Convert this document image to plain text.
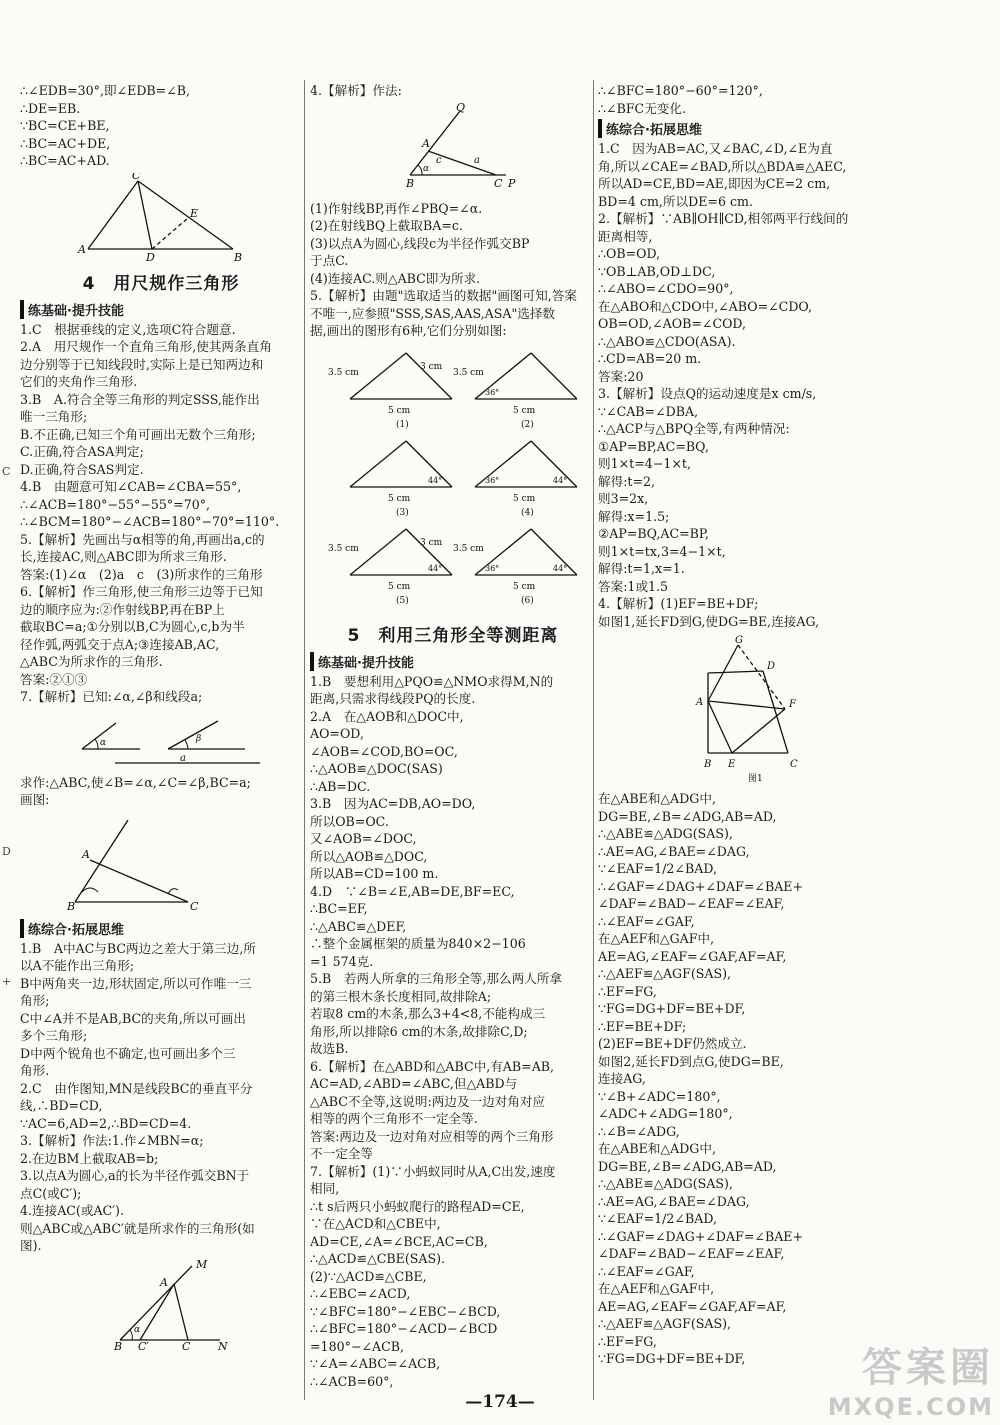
C
D
+
∴∠EDB=30°,即∠EDB=∠B,
∴DE=EB.
∵BC=CE+BE,
∴BC=AC+DE,
∴BC=AC+AD.
C
E
A
D	B
4　用尺规作三角形
练基础·提升技能
1.C　根据垂线的定义,选项C符合题意.
2.A　用尺规作一个直角三角形,使其两条直角
边分别等于已知线段时,实际上是已知两边和
它们的夹角作三角形.
3.B　A.符合全等三角形的判定SSS,能作出
唯一三角形;
B.不正确,已知三个角可画出无数个三角形;
C.正确,符合ASA判定;
D.正确,符合SAS判定.
4.B　由题意可知∠CAB=∠CBA=55°,
∴∠ACB=180°−55°−55°=70°,
∴∠BCM=180°−∠ACB=180°−70°=110°.
5.【解析】先画出与α相等的角,再画出a,c的
长,连接AC,则△ABC即为所求三角形.
答案:(1)∠α　(2)a　c　(3)所求作的三角形
6.【解析】作三角形,使三角形三边等于已知
边的顺序应为:②作射线BP,再在BP上
截取BC=a;①分别以B,C为圆心,c,b为半
径作弧,两弧交于点A;③连接AB,AC,
△ABC为所求作的三角形.
答案:②①③
7.【解析】已知:∠α,∠β和线段a;
α	β
a
求作:△ABC,使∠B=∠α,∠C=∠β,BC=a;
画图:
A
B	C
练综合·拓展思维
1.B　A中AC与BC两边之差大于第三边,所
以A不能作出三角形;
B中两角夹一边,形状固定,所以可作唯一三
角形;
C中∠A并不是AB,BC的夹角,所以可画出
多个三角形;
D中两个锐角也不确定,也可画出多个三
角形.
2.C　由作图知,MN是线段BC的垂直平分
线,∴BD=CD,
∵AC=6,AD=2,∴BD=CD=4.
3.【解析】作法:1.作∠MBN=α;
2.在边BM上截取AB=b;
3.以点A为圆心,a的长为半径作弧交BN于
点C(或C′);
4.连接AC(或AC′).
则△ABC或△ABC′就是所求作的三角形(如
图).
M
A
α
B C′	C	N
4.【解析】作法:
Q
A
c	a
α
B	C P
(1)作射线BP,再作∠PBQ=∠α.
(2)在射线BQ上截取BA=c.
(3)以点A为圆心,线段c为半径作弧交BP
于点C.
(4)连接AC.则△ABC即为所求.
5.【解析】由题"选取适当的数据"画图可知,答案
不唯一,应参照"SSS,SAS,AAS,ASA"选择数
据,画出的图形有6种,它们分别如图:
5 cm
3.5 cm
3 cm
(1)
5 cm
3.5 cm
36°
(2)
5 cm
44°
(3)
5 cm
36°	44°
(4)
5 cm
3.5 cm
3 cm
44°
(5)
5 cm
3.5 cm
36°	44°
(6)
5　利用三角形全等测距离
练基础·提升技能
1.B　要想利用△PQO≌△NMO求得M,N的
距离,只需求得线段PQ的长度.
2.A　在△AOB和△DOC中,
AO=OD,
∠AOB=∠COD,BO=OC,
∴△AOB≌△DOC(SAS)
∴AB=DC.
3.B　因为AC=DB,AO=DO,
所以OB=OC.
又∠AOB=∠DOC,
所以△AOB≌△DOC,
所以AB=CD=100 m.
4.D　∵∠B=∠E,AB=DE,BF=EC,
∴BC=EF,
∴△ABC≌△DEF,
∴整个金属框架的质量为840×2−106
=1 574克.
5.B　若两人所拿的三角形全等,那么两人所拿
的第三根木条长度相同,故排除A;
若取8 cm的木条,那么3+4<8,不能构成三
角形,所以排除6 cm的木条,故排除C,D;
故选B.
6.【解析】在△ABD和△ABC中,有AB=AB,
AC=AD,∠ABD=∠ABC,但△ABD与
△ABC不全等,这说明:两边及一边对角对应
相等的两个三角形不一定全等.
答案:两边及一边对角对应相等的两个三角形
不一定全等
7.【解析】(1)∵小蚂蚁同时从A,C出发,速度
相同,
∴t s后两只小蚂蚁爬行的路程AD=CE,
∵在△ACD和△CBE中,
AD=CE,∠A=∠BCE,AC=CB,
∴△ACD≌△CBE(SAS).
(2)∵△ACD≌△CBE,
∴∠EBC=∠ACD,
∵∠BFC=180°−∠EBC−∠BCD,
∴∠BFC=180°−∠ACD−∠BCD
=180°−∠ACB,
∵∠A=∠ABC=∠ACB,
∴∠ACB=60°,
∴∠BFC=180°−60°=120°,
∴∠BFC无变化.
练综合·拓展思维
1.C　因为AB=AC,又∠BAC,∠D,∠E为直
角,所以∠CAE=∠BAD,所以△BDA≌△AEC,
所以AD=CE,BD=AE,即因为CE=2 cm,
BD=4 cm,所以DE=6 cm.
2.【解析】∵AB∥OH∥CD,相邻两平行线间的
距离相等,
∴OB=OD,
∵OB⊥AB,OD⊥DC,
∴∠ABO=∠CDO=90°,
在△ABO和△CDO中,∠ABO=∠CDO,
OB=OD,∠AOB=∠COD,
∴△ABO≌△CDO(ASA).
∴CD=AB=20 m.
答案:20
3.【解析】设点Q的运动速度是x cm/s,
∵∠CAB=∠DBA,
∴△ACP与△BPQ全等,有两种情况:
①AP=BP,AC=BQ,
则1×t=4−1×t,
解得:t=2,
则3=2x,
解得:x=1.5;
②AP=BQ,AC=BP,
则1×t=tx,3=4−1×t,
解得:t=1,x=1.
答案:1或1.5
4.【解析】(1)EF=BE+DF;
如图1,延长FD到G,使DG=BE,连接AG,
G
D
A	F
B E	C
图1
在△ABE和△ADG中,
DG=BE,∠B=∠ADG,AB=AD,
∴△ABE≌△ADG(SAS),
∴AE=AG,∠BAE=∠DAG,
∵∠EAF=1/2∠BAD,
∴∠GAF=∠DAG+∠DAF=∠BAE+
∠DAF=∠BAD−∠EAF=∠EAF,
∴∠EAF=∠GAF,
在△AEF和△GAF中,
AE=AG,∠EAF=∠GAF,AF=AF,
∴△AEF≌△AGF(SAS),
∴EF=FG,
∵FG=DG+DF=BE+DF,
∴EF=BE+DF;
(2)EF=BE+DF仍然成立.
如图2,延长FD到点G,使DG=BE,
连接AG,
∵∠B+∠ADC=180°,
∠ADC+∠ADG=180°,
∴∠B=∠ADG,
在△ABE和△ADG中,
DG=BE,∠B=∠ADG,AB=AD,
∴△ABE≌△ADG(SAS),
∴AE=AG,∠BAE=∠DAG,
∵∠EAF=1/2∠BAD,
∴∠GAF=∠DAG+∠DAF=∠BAE+
∠DAF=∠BAD−∠EAF=∠EAF,
∴∠EAF=∠GAF,
在△AEF和△GAF中,
AE=AG,∠EAF=∠GAF,AF=AF,
∴△AEF≌△AGF(SAS),
∴EF=FG,
∵FG=DG+DF=BE+DF,
—174—
答案圈
MXQE.COM
